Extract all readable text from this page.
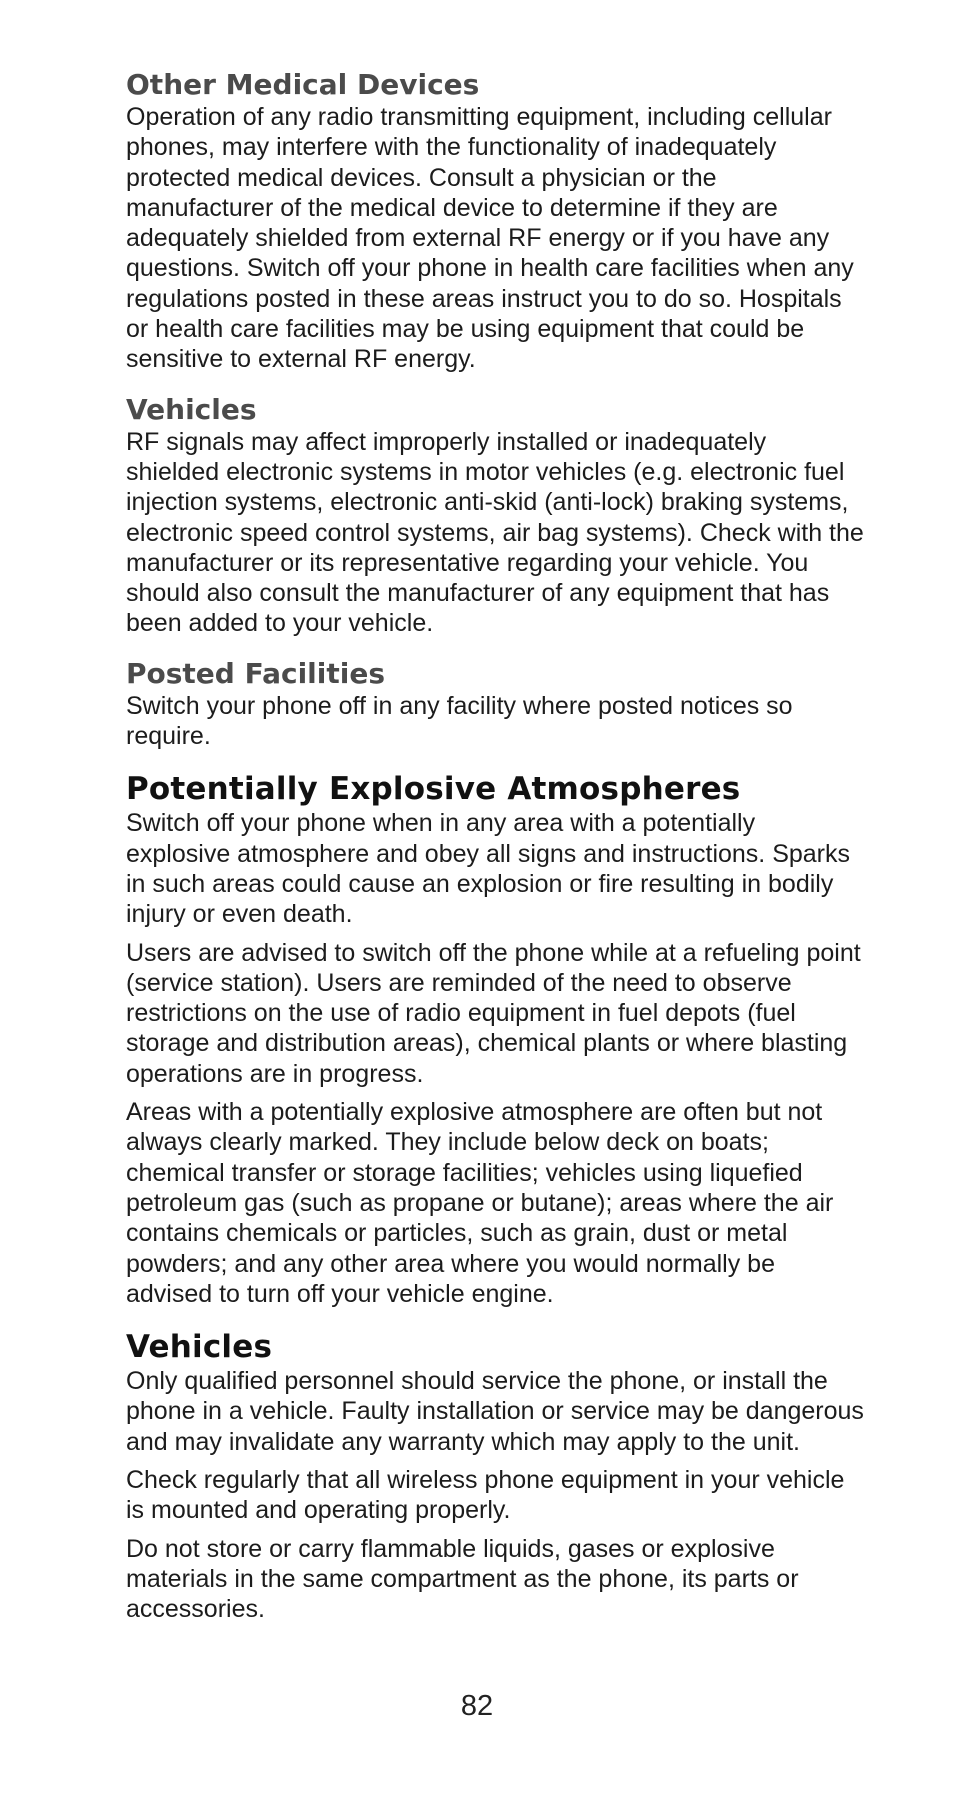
Other Medical Devices

Operation of any radio transmitting equipment, including cellular phones, may interfere with the functionality of inadequately protected medical devices. Consult a physician or the manufacturer of the medical device to determine if they are adequately shielded from external RF energy or if you have any questions. Switch off your phone in health care facilities when any regulations posted in these areas instruct you to do so. Hospitals or health care facilities may be using equipment that could be sensitive to external RF energy.

Vehicles

RF signals may affect improperly installed or inadequately shielded electronic systems in motor vehicles (e.g. electronic fuel injection systems, electronic anti-skid (anti-lock) braking systems, electronic speed control systems, air bag systems). Check with the manufacturer or its representative regarding your vehicle. You should also consult the manufacturer of any equipment that has been added to your vehicle.

Posted Facilities

Switch your phone off in any facility where posted notices so require.

Potentially Explosive Atmospheres

Switch off your phone when in any area with a potentially explosive atmosphere and obey all signs and instructions. Sparks in such areas could cause an explosion or fire resulting in bodily injury or even death.

Users are advised to switch off the phone while at a refueling point (service station). Users are reminded of the need to observe restrictions on the use of radio equipment in fuel depots (fuel storage and distribution areas), chemical plants or where blasting operations are in progress.

Areas with a potentially explosive atmosphere are often but not always clearly marked. They include below deck on boats; chemical transfer or storage facilities; vehicles using liquefied petroleum gas (such as propane or butane); areas where the air contains chemicals or particles, such as grain, dust or metal powders; and any other area where you would normally be advised to turn off your vehicle engine.

Vehicles

Only qualified personnel should service the phone, or install the phone in a vehicle. Faulty installation or service may be dangerous and may invalidate any warranty which may apply to the unit.

Check regularly that all wireless phone equipment in your vehicle is mounted and operating properly.

Do not store or carry flammable liquids, gases or explosive materials in the same compartment as the phone, its parts or accessories.

82
